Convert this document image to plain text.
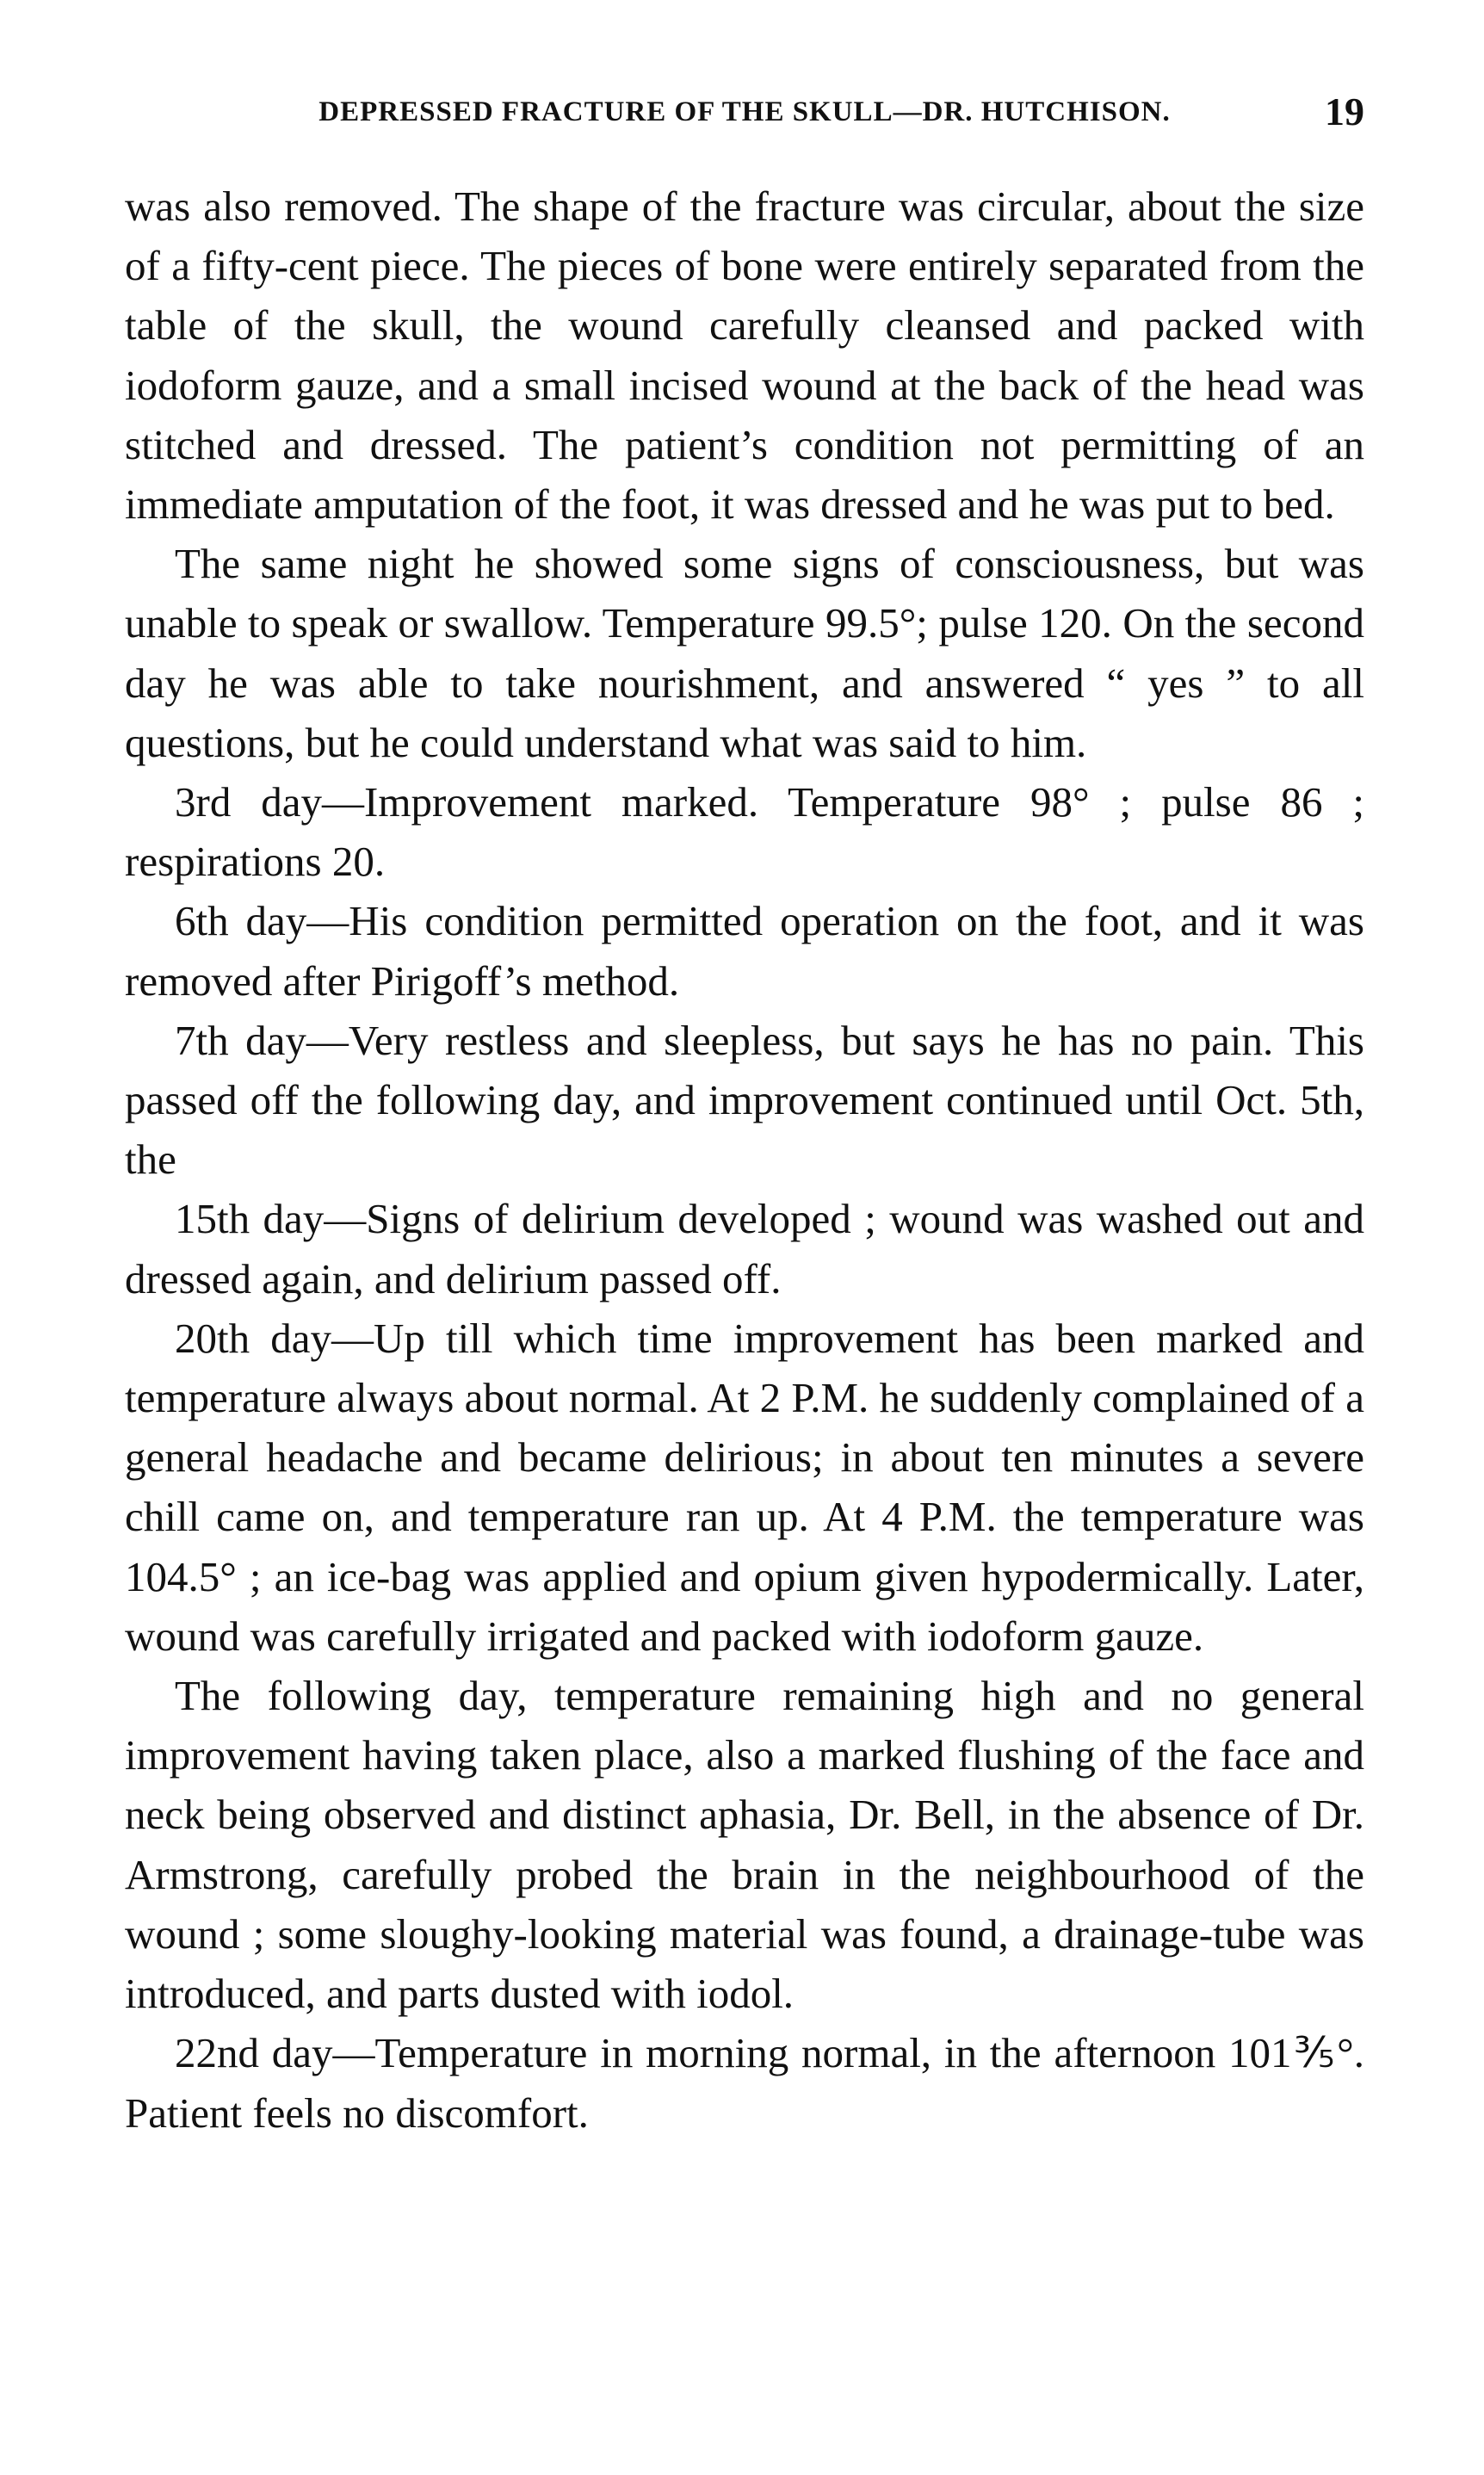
DEPRESSED FRACTURE OF THE SKULL—DR. HUTCHISON.	19

was also removed. The shape of the fracture was circular, about the size of a fifty-cent piece. The pieces of bone were entirely separated from the table of the skull, the wound carefully cleansed and packed with iodoform gauze, and a small incised wound at the back of the head was stitched and dressed. The patient’s condition not permitting of an immediate amputation of the foot, it was dressed and he was put to bed.

The same night he showed some signs of consciousness, but was unable to speak or swallow. Temperature 99.5°; pulse 120. On the second day he was able to take nourishment, and answered “ yes ” to all questions, but he could understand what was said to him.

3rd day—Improvement marked. Temperature 98° ; pulse 86 ; respirations 20.

6th day—His condition permitted operation on the foot, and it was removed after Pirigoff’s method.

7th day—Very restless and sleepless, but says he has no pain. This passed off the following day, and improvement continued until Oct. 5th, the

15th day—Signs of delirium developed ; wound was washed out and dressed again, and delirium passed off.

20th day—Up till which time improvement has been marked and temperature always about normal. At 2 P.M. he suddenly complained of a general headache and became delirious; in about ten minutes a severe chill came on, and temperature ran up. At 4 P.M. the temperature was 104.5° ; an ice-bag was applied and opium given hypodermically. Later, wound was carefully irrigated and packed with iodoform gauze.

The following day, temperature remaining high and no general improvement having taken place, also a marked flushing of the face and neck being observed and distinct aphasia, Dr. Bell, in the absence of Dr. Armstrong, carefully probed the brain in the neighbourhood of the wound ; some sloughy-looking material was found, a drainage-tube was introduced, and parts dusted with iodol.

22nd day—Temperature in morning normal, in the afternoon 101⅗°. Patient feels no discomfort.
